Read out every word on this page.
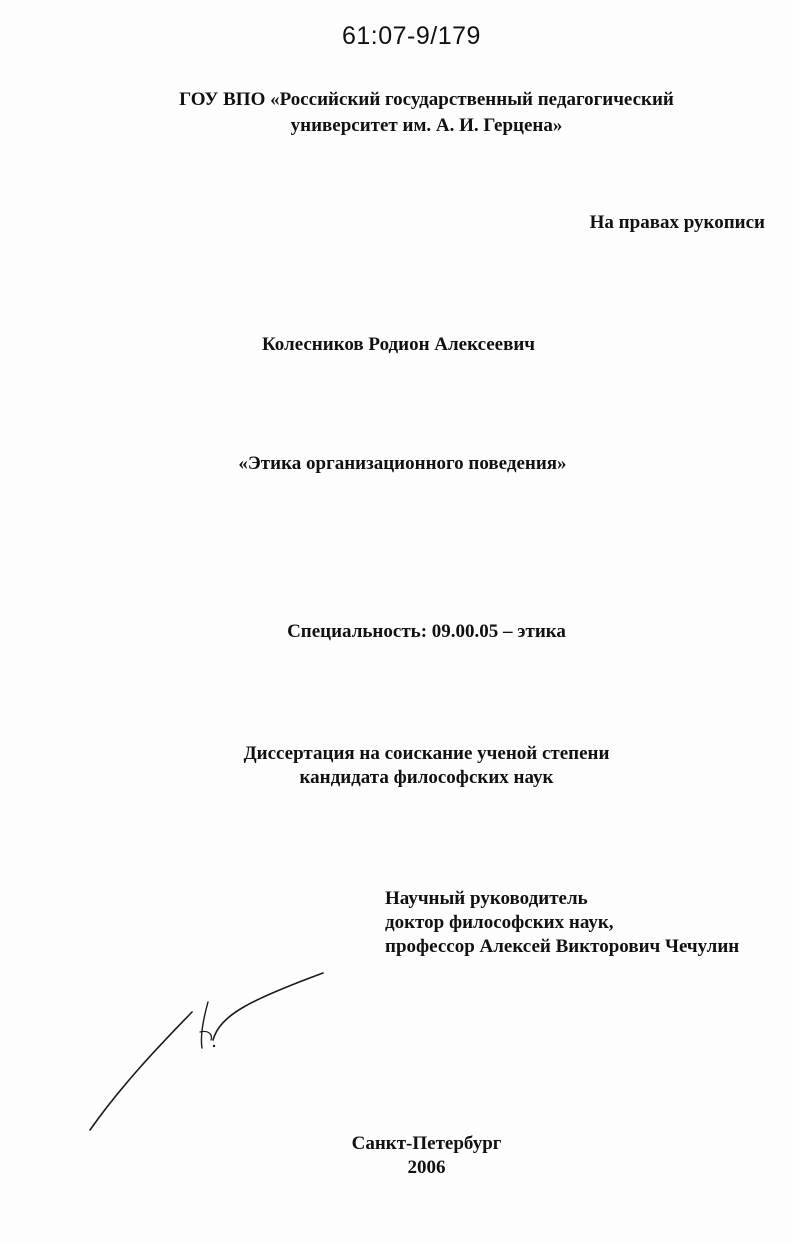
61:07-9/179
ГОУ ВПО «Российский государственный педагогический
университет им. А. И. Герцена»
На правах рукописи
Колесников Родион Алексеевич
«Этика организационного поведения»
Специальность: 09.00.05 – этика
Диссертация на соискание ученой степени
кандидата философских наук
Научный руководитель
доктор философских наук,
профессор Алексей Викторович Чечулин
Санкт-Петербург
2006
